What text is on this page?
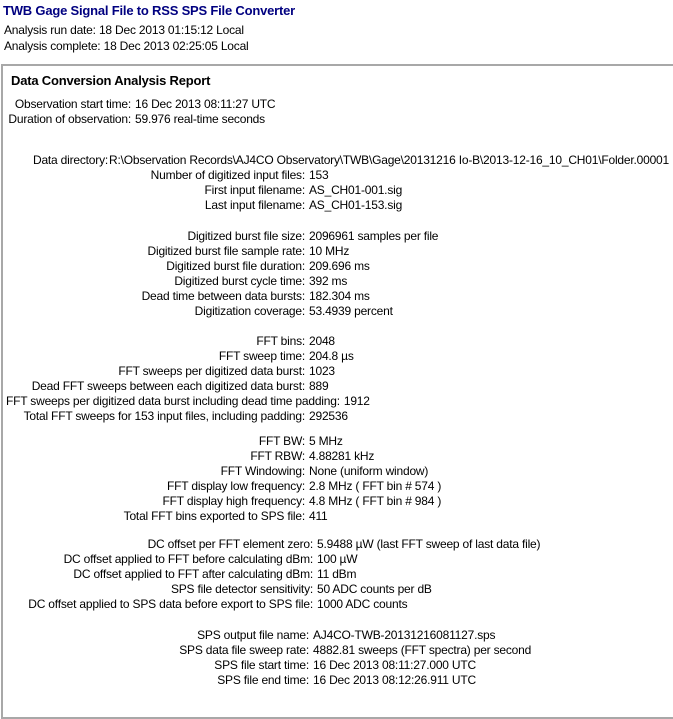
TWB Gage Signal File to RSS SPS File Converter
Analysis run date: 18 Dec 2013 01:15:12 Local
Analysis complete: 18 Dec 2013 02:25:05 Local
Data Conversion Analysis Report
Observation start time: 16 Dec 2013 08:11:27 UTC
Duration of observation: 59.976 real-time seconds
Data directory:R:\Observation Records\AJ4CO Observatory\TWB\Gage\20131216 Io-B\2013-12-16_10_CH01\Folder.00001
Number of digitized input files: 153
First input filename: AS_CH01-001.sig
Last input filename: AS_CH01-153.sig
Digitized burst file size: 2096961 samples per file
Digitized burst file sample rate: 10 MHz
Digitized burst file duration: 209.696 ms
Digitized burst cycle time: 392 ms
Dead time between data bursts: 182.304 ms
Digitization coverage: 53.4939 percent
FFT bins: 2048
FFT sweep time: 204.8 µs
FFT sweeps per digitized data burst: 1023
Dead FFT sweeps between each digitized data burst: 889
FFT sweeps per digitized data burst including dead time padding: 1912
Total FFT sweeps for 153 input files, including padding: 292536
FFT BW: 5 MHz
FFT RBW: 4.88281 kHz
FFT Windowing: None (uniform window)
FFT display low frequency: 2.8 MHz ( FFT bin # 574 )
FFT display high frequency: 4.8 MHz ( FFT bin # 984 )
Total FFT bins exported to SPS file: 411
DC offset per FFT element zero: 5.9488 µW (last FFT sweep of last data file)
DC offset applied to FFT before calculating dBm: 100 µW
DC offset applied to FFT after calculating dBm: 11 dBm
SPS file detector sensitivity: 50 ADC counts per dB
DC offset applied to SPS data before export to SPS file: 1000 ADC counts
SPS output file name: AJ4CO-TWB-20131216081127.sps
SPS data file sweep rate: 4882.81 sweeps (FFT spectra) per second
SPS file start time: 16 Dec 2013 08:11:27.000 UTC
SPS file end time: 16 Dec 2013 08:12:26.911 UTC
